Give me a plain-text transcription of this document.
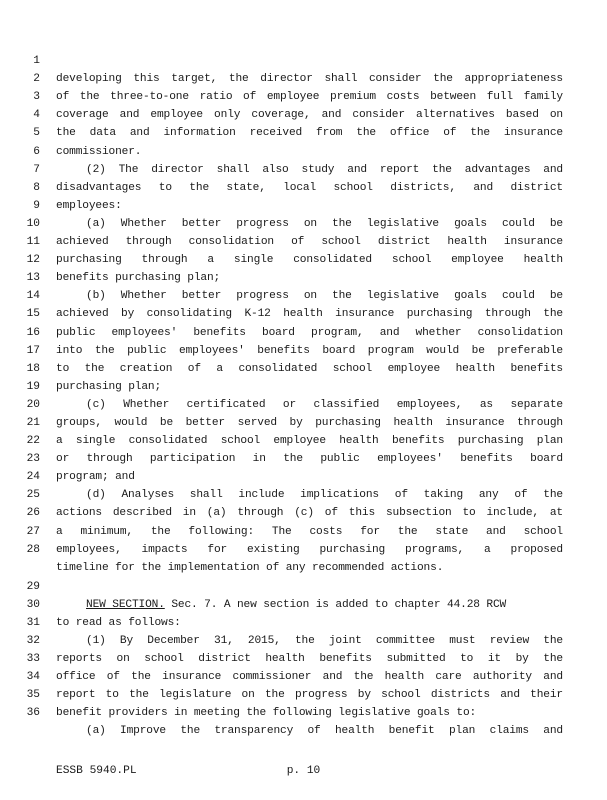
1

developing this target, the director shall consider the appropriateness

2

of the three-to-one ratio of employee premium costs between full family

3

coverage and employee only coverage, and consider alternatives based on

4

the data and information received from the office of the insurance

5

commissioner.

6

(2) The director shall also study and report the advantages and

7

disadvantages to the state, local school districts, and district

8

employees:

9

(a) Whether better progress on the legislative goals could be

10

achieved through consolidation of school district health insurance

11

purchasing through a single consolidated school employee health

12

benefits purchasing plan;

13

(b) Whether better progress on the legislative goals could be

14

achieved by consolidating K-12 health insurance purchasing through the

15

public employees' benefits board program, and whether consolidation

16

into the public employees' benefits board program would be preferable

17

to the creation of a consolidated school employee health benefits

18

purchasing plan;

19

(c) Whether certificated or classified employees, as separate

20

groups, would be better served by purchasing health insurance through

21

a single consolidated school employee health benefits purchasing plan

22

or through participation in the public employees' benefits board

23

program; and

24

(d) Analyses shall include implications of taking any of the

25

actions described in (a) through (c) of this subsection to include, at

26

a minimum, the following: The costs for the state and school

27

employees, impacts for existing purchasing programs, a proposed

28

timeline for the implementation of any recommended actions.

29

NEW SECTION. Sec. 7. A new section is added to chapter 44.28 RCW

30

to read as follows:

31

(1) By December 31, 2015, the joint committee must review the

32

reports on school district health benefits submitted to it by the

33

office of the insurance commissioner and the health care authority and

34

report to the legislature on the progress by school districts and their

35

benefit providers in meeting the following legislative goals to:

36

(a) Improve the transparency of health benefit plan claims and

ESSB 5940.PL	p. 10
